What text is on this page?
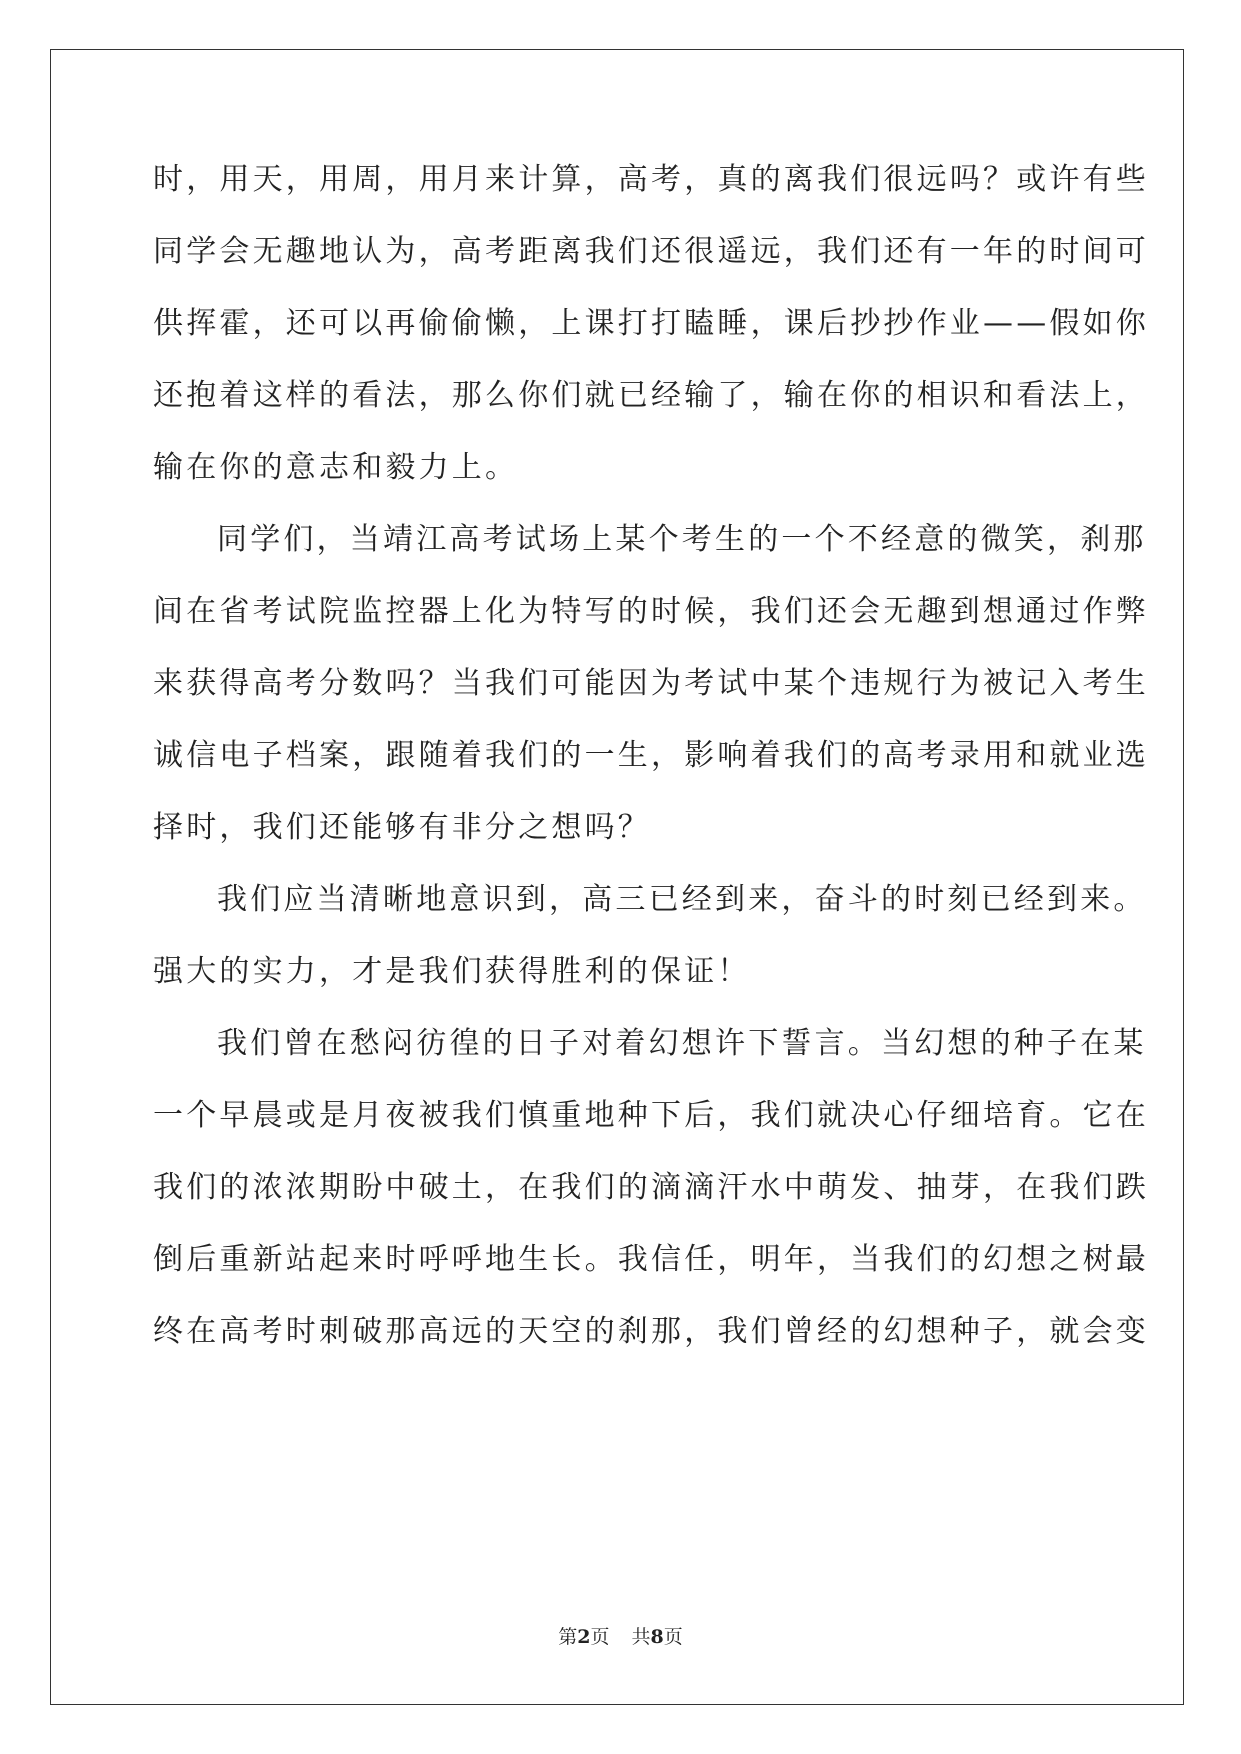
时，用天，用周，用月来计算，高考，真的离我们很远吗？或许有些
同学会无趣地认为，高考距离我们还很遥远，我们还有一年的时间可
供挥霍，还可以再偷偷懒，上课打打瞌睡，课后抄抄作业——假如你
还抱着这样的看法，那么你们就已经输了，输在你的相识和看法上，
输在你的意志和毅力上。
同学们，当靖江高考试场上某个考生的一个不经意的微笑，刹那
间在省考试院监控器上化为特写的时候，我们还会无趣到想通过作弊
来获得高考分数吗？当我们可能因为考试中某个违规行为被记入考生
诚信电子档案，跟随着我们的一生，影响着我们的高考录用和就业选
择时，我们还能够有非分之想吗？
我们应当清晰地意识到，高三已经到来，奋斗的时刻已经到来。
强大的实力，才是我们获得胜利的保证！
我们曾在愁闷彷徨的日子对着幻想许下誓言。当幻想的种子在某
一个早晨或是月夜被我们慎重地种下后，我们就决心仔细培育。它在
我们的浓浓期盼中破土，在我们的滴滴汗水中萌发、抽芽，在我们跌
倒后重新站起来时呼呼地生长。我信任，明年，当我们的幻想之树最
终在高考时刺破那高远的天空的刹那，我们曾经的幻想种子，就会变
第2页 共8页
